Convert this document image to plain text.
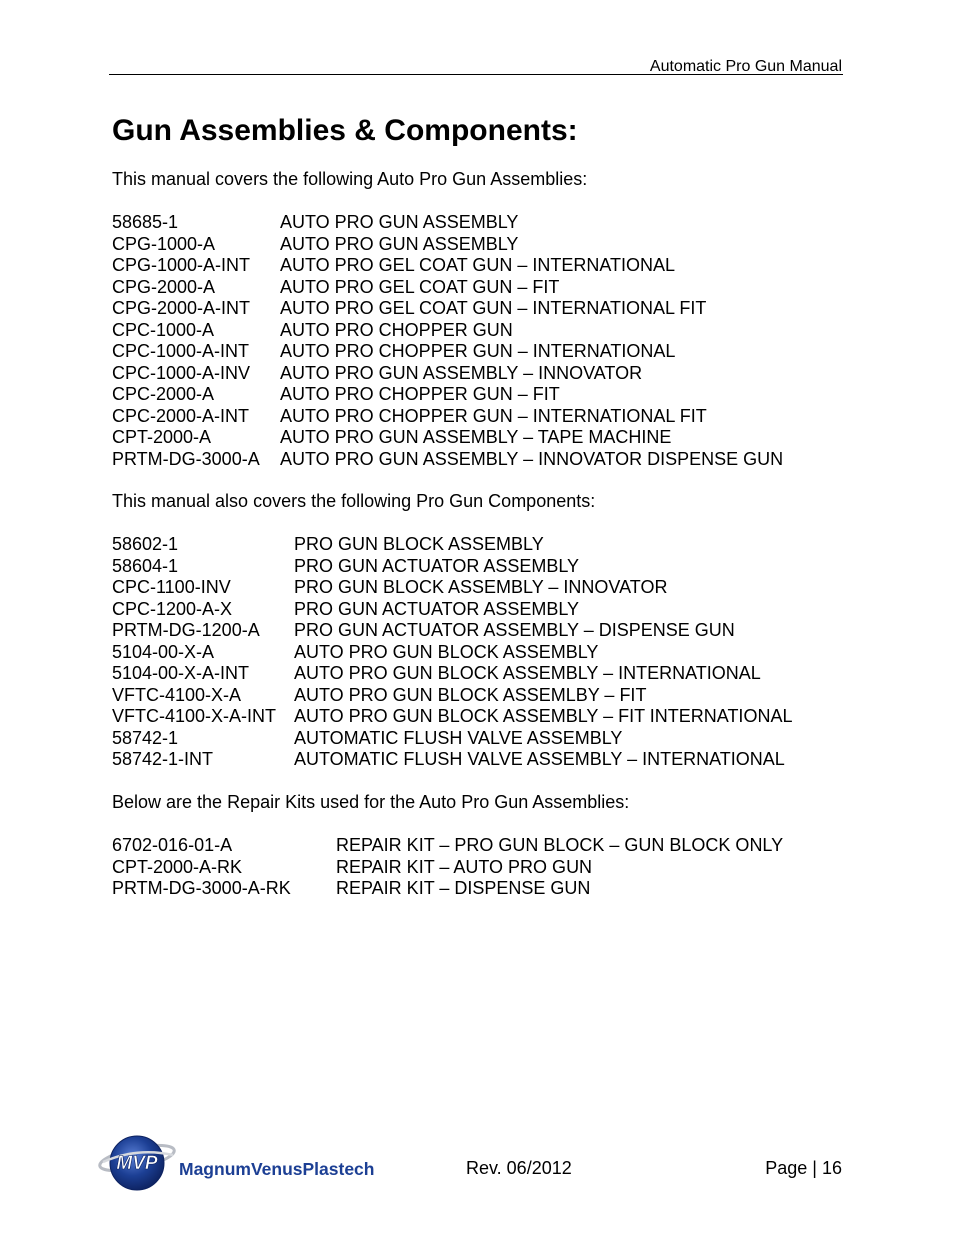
Automatic Pro Gun Manual
Gun Assemblies & Components:

This manual covers the following Auto Pro Gun Assemblies:

58685-1	AUTO PRO GUN ASSEMBLY
CPG-1000-A	AUTO PRO GUN ASSEMBLY
CPG-1000-A-INT	AUTO PRO GEL COAT GUN – INTERNATIONAL
CPG-2000-A	AUTO PRO GEL COAT GUN – FIT
CPG-2000-A-INT	AUTO PRO GEL COAT GUN – INTERNATIONAL FIT
CPC-1000-A	AUTO PRO CHOPPER GUN
CPC-1000-A-INT	AUTO PRO CHOPPER GUN – INTERNATIONAL
CPC-1000-A-INV	AUTO PRO GUN ASSEMBLY – INNOVATOR
CPC-2000-A	AUTO PRO CHOPPER GUN – FIT
CPC-2000-A-INT	AUTO PRO CHOPPER GUN – INTERNATIONAL FIT
CPT-2000-A	AUTO PRO GUN ASSEMBLY – TAPE MACHINE
PRTM-DG-3000-A	AUTO PRO GUN ASSEMBLY – INNOVATOR DISPENSE GUN

This manual also covers the following Pro Gun Components:

58602-1	PRO GUN BLOCK ASSEMBLY
58604-1	PRO GUN ACTUATOR ASSEMBLY
CPC-1100-INV	PRO GUN BLOCK ASSEMBLY – INNOVATOR
CPC-1200-A-X	PRO GUN ACTUATOR ASSEMBLY
PRTM-DG-1200-A	PRO GUN ACTUATOR ASSEMBLY – DISPENSE GUN
5104-00-X-A	AUTO PRO GUN BLOCK ASSEMBLY
5104-00-X-A-INT	AUTO PRO GUN BLOCK ASSEMBLY – INTERNATIONAL
VFTC-4100-X-A	AUTO PRO GUN BLOCK ASSEMLBY – FIT
VFTC-4100-X-A-INT AUTO PRO GUN BLOCK ASSEMBLY – FIT INTERNATIONAL
58742-1	AUTOMATIC FLUSH VALVE ASSEMBLY
58742-1-INT	AUTOMATIC FLUSH VALVE ASSEMBLY – INTERNATIONAL

Below are the Repair Kits used for the Auto Pro Gun Assemblies:

6702-016-01-A	REPAIR KIT – PRO GUN BLOCK – GUN BLOCK ONLY
CPT-2000-A-RK	REPAIR KIT – AUTO PRO GUN
PRTM-DG-3000-A-RK	REPAIR KIT – DISPENSE GUN
MVP MagnumVenusPlastech	Rev. 06/2012	Page | 16
